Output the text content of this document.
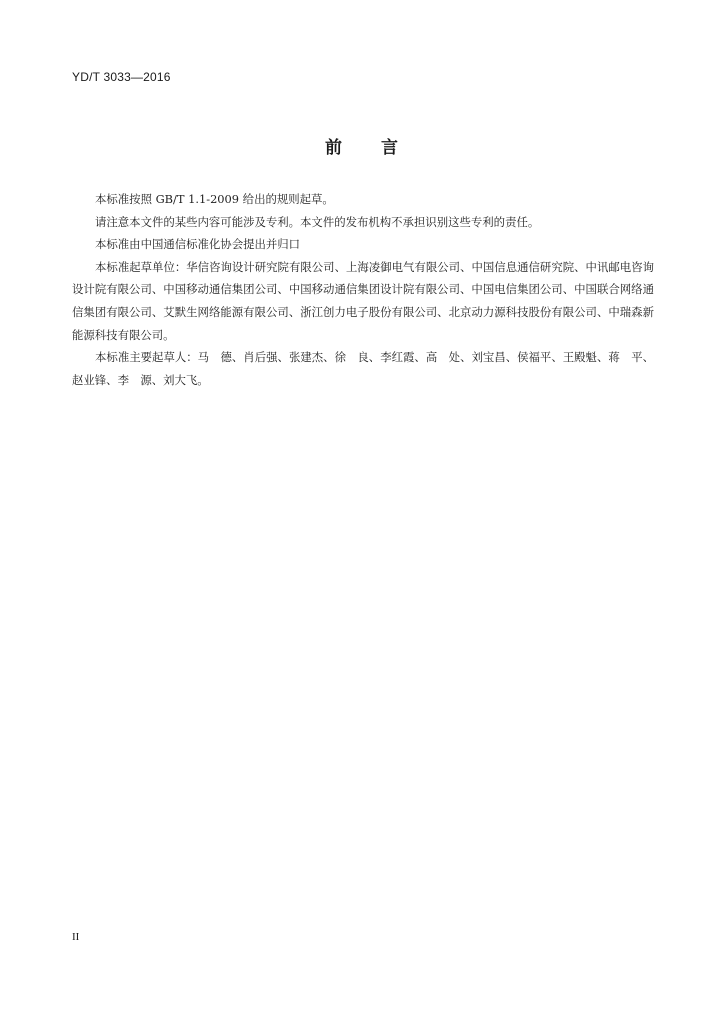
YD/T 3033—2016
前 言

本标准按照 GB/T 1.1-2009 给出的规则起草。

请注意本文件的某些内容可能涉及专利。本文件的发布机构不承担识别这些专利的责任。

本标准由中国通信标准化协会提出并归口

本标准起草单位：华信咨询设计研究院有限公司、上海凌御电气有限公司、中国信息通信研究院、中讯邮电咨询设计院有限公司、中国移动通信集团公司、中国移动通信集团设计院有限公司、中国电信集团公司、中国联合网络通信集团有限公司、艾默生网络能源有限公司、浙江创力电子股份有限公司、北京动力源科技股份有限公司、中瑞森新能源科技有限公司。

本标准主要起草人：马　德、肖后强、张建杰、徐　良、李红霞、高　处、刘宝昌、侯福平、王殿魁、蒋　平、赵业锋、李　源、刘大飞。

II
